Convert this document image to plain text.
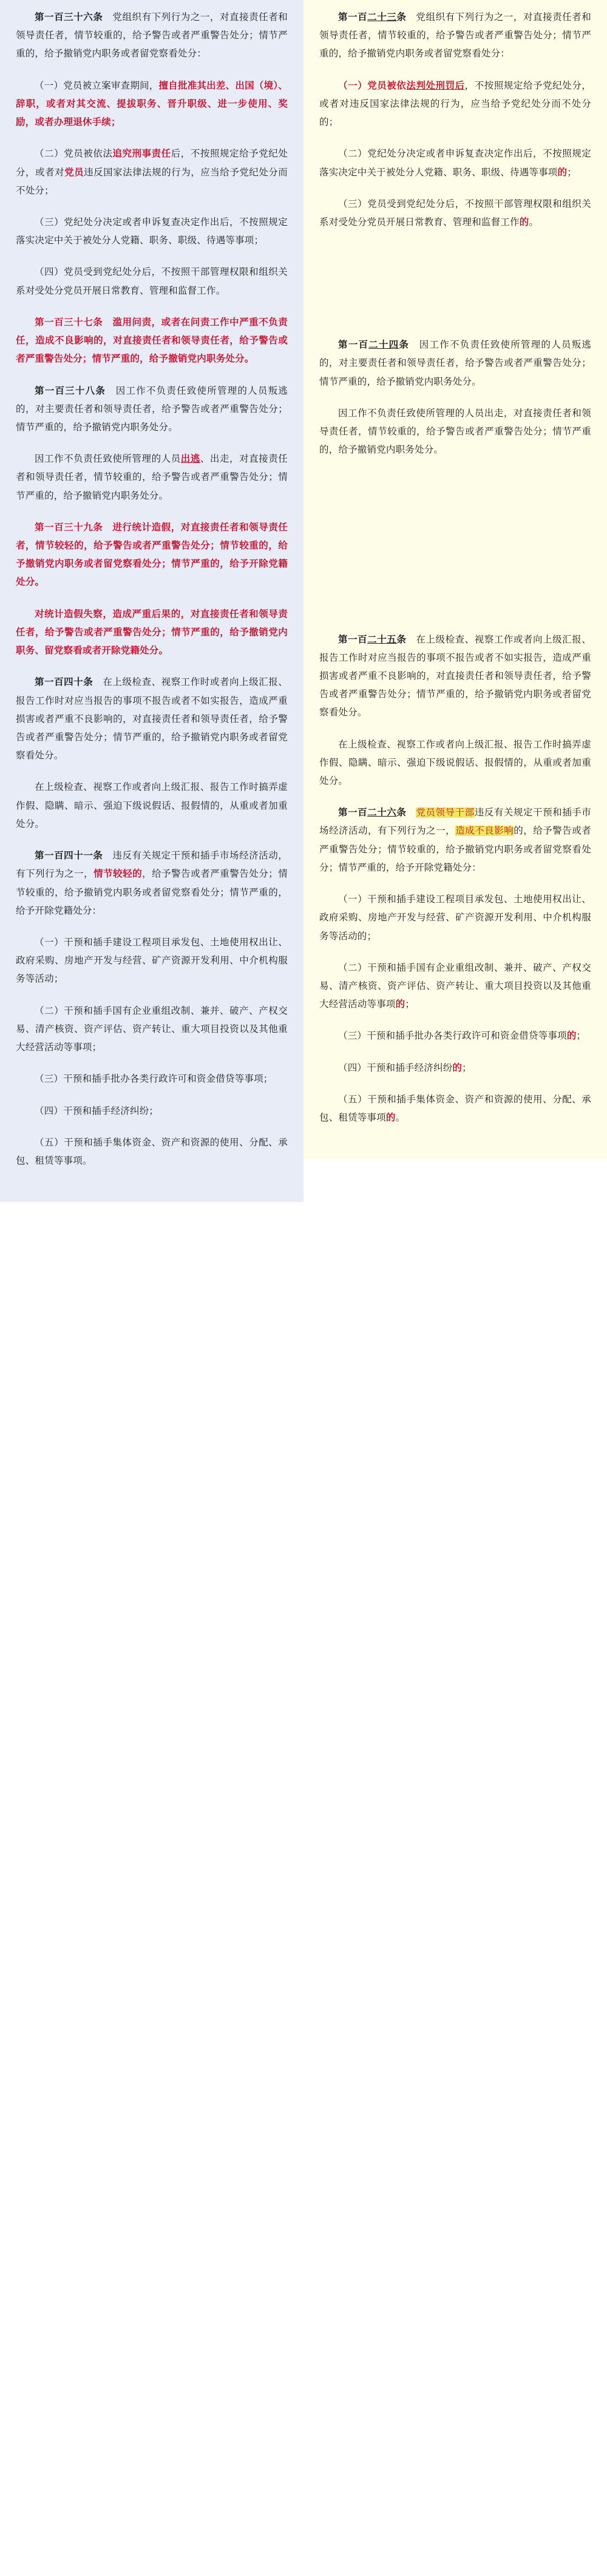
第一百三十六条　党组织有下列行为之一，对直接责任者和领导责任者，情节较重的，给予警告或者严重警告处分；情节严重的，给予撤销党内职务或者留党察看处分：

（一）党员被立案审查期间，擅自批准其出差、出国（境）、辞职，或者对其交流、提拔职务、晋升职级、进一步使用、奖励，或者办理退休手续；

（二）党员被依法追究刑事责任后，不按照规定给予党纪处分，或者对党员违反国家法律法规的行为，应当给予党纪处分而不处分；

（三）党纪处分决定或者申诉复查决定作出后，不按照规定落实决定中关于被处分人党籍、职务、职级、待遇等事项；

（四）党员受到党纪处分后，不按照干部管理权限和组织关系对受处分党员开展日常教育、管理和监督工作。

第一百三十七条　滥用问责，或者在问责工作中严重不负责任，造成不良影响的，对直接责任者和领导责任者，给予警告或者严重警告处分；情节严重的，给予撤销党内职务处分。

第一百三十八条　因工作不负责任致使所管理的人员叛逃的，对主要责任者和领导责任者，给予警告或者严重警告处分；情节严重的，给予撤销党内职务处分。

因工作不负责任致使所管理的人员出逃、出走，对直接责任者和领导责任者，情节较重的，给予警告或者严重警告处分；情节严重的，给予撤销党内职务处分。

第一百三十九条　进行统计造假，对直接责任者和领导责任者，情节较轻的，给予警告或者严重警告处分；情节较重的，给予撤销党内职务或者留党察看处分；情节严重的，给予开除党籍处分。

对统计造假失察，造成严重后果的，对直接责任者和领导责任者，给予警告或者严重警告处分；情节严重的，给予撤销党内职务、留党察看或者开除党籍处分。

第一百四十条　在上级检查、视察工作时或者向上级汇报、报告工作时对应当报告的事项不报告或者不如实报告，造成严重损害或者严重不良影响的，对直接责任者和领导责任者，给予警告或者严重警告处分；情节严重的，给予撤销党内职务或者留党察看处分。

在上级检查、视察工作或者向上级汇报、报告工作时搞弄虚作假、隐瞒、暗示、强迫下级说假话、报假情的，从重或者加重处分。

第一百四十一条　违反有关规定干预和插手市场经济活动，有下列行为之一，情节较轻的，给予警告或者严重警告处分；情节较重的，给予撤销党内职务或者留党察看处分；情节严重的，给予开除党籍处分：

（一）干预和插手建设工程项目承发包、土地使用权出让、政府采购、房地产开发与经营、矿产资源开发利用、中介机构服务等活动；

（二）干预和插手国有企业重组改制、兼并、破产、产权交易、清产核资、资产评估、资产转让、重大项目投资以及其他重大经营活动等事项；

（三）干预和插手批办各类行政许可和资金借贷等事项；

（四）干预和插手经济纠纷；

（五）干预和插手集体资金、资产和资源的使用、分配、承包、租赁等事项。

第一百二十三条　党组织有下列行为之一，对直接责任者和领导责任者，情节较重的，给予警告或者严重警告处分；情节严重的，给予撤销党内职务或者留党察看处分：

（一）党员被依法判处刑罚后，不按照规定给予党纪处分，或者对违反国家法律法规的行为，应当给予党纪处分而不处分的；

（二）党纪处分决定或者申诉复查决定作出后，不按照规定落实决定中关于被处分人党籍、职务、职级、待遇等事项的；

（三）党员受到党纪处分后，不按照干部管理权限和组织关系对受处分党员开展日常教育、管理和监督工作的。

第一百二十四条　因工作不负责任致使所管理的人员叛逃的，对主要责任者和领导责任者，给予警告或者严重警告处分；情节严重的，给予撤销党内职务处分。

因工作不负责任致使所管理的人员出走，对直接责任者和领导责任者，情节较重的，给予警告或者严重警告处分；情节严重的，给予撤销党内职务处分。

第一百二十五条　在上级检查、视察工作或者向上级汇报、报告工作时对应当报告的事项不报告或者不如实报告，造成严重损害或者严重不良影响的，对直接责任者和领导责任者，给予警告或者严重警告处分；情节严重的，给予撤销党内职务或者留党察看处分。

在上级检查、视察工作或者向上级汇报、报告工作时搞弄虚作假、隐瞒、暗示、强迫下级说假话、报假情的，从重或者加重处分。

第一百二十六条　 党员领导干部违反有关规定干预和插手市场经济活动，有下列行为之一，造成不良影响的，给予警告或者严重警告处分；情节较重的，给予撤销党内职务或者留党察看处分；情节严重的，给予开除党籍处分：

（一）干预和插手建设工程项目承发包、土地使用权出让、政府采购、房地产开发与经营、矿产资源开发利用、中介机构服务等活动的；

（二）干预和插手国有企业重组改制、兼并、破产、产权交易、清产核资、资产评估、资产转让、重大项目投资以及其他重大经营活动等事项的；

（三）干预和插手批办各类行政许可和资金借贷等事项的；

（四）干预和插手经济纠纷的；

（五）干预和插手集体资金、资产和资源的使用、分配、承包、租赁等事项的。
